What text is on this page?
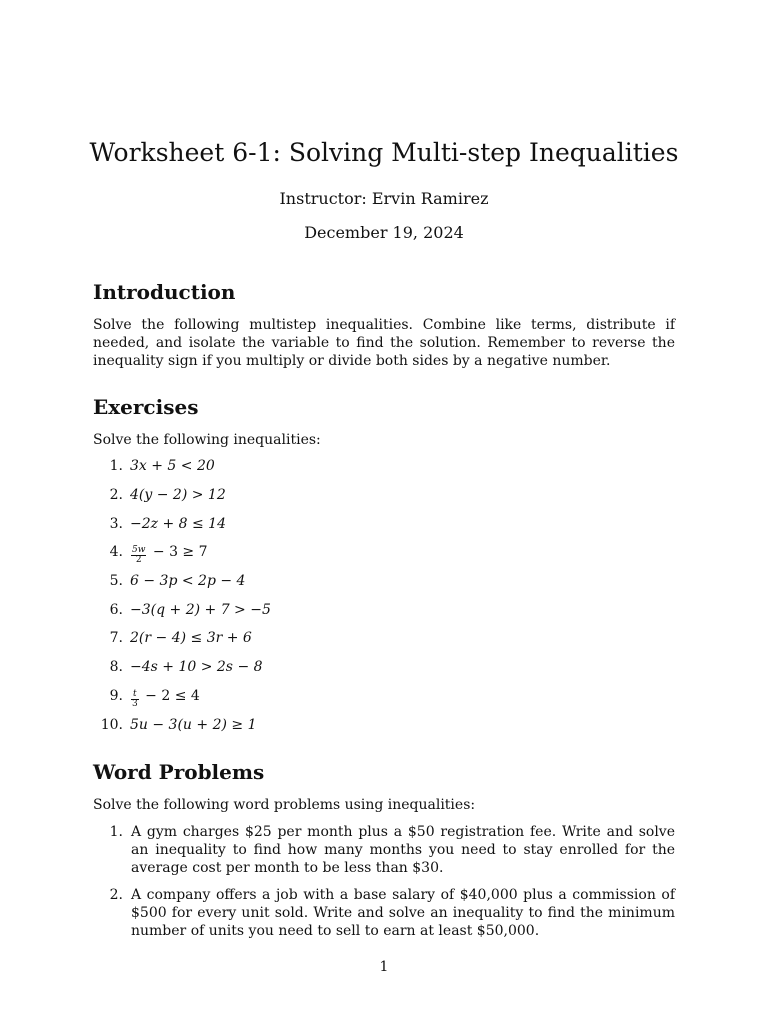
Worksheet 6-1: Solving Multi-step Inequalities
Instructor: Ervin Ramirez
December 19, 2024
Introduction

Solve the following multistep inequalities. Combine like terms, distribute if needed, and isolate the variable to find the solution. Remember to reverse the inequality sign if you multiply or divide both sides by a negative number.

Exercises

Solve the following inequalities:

1. 3x + 5 < 20
2. 4(y − 2) > 12
3. −2z + 8 ≤ 14
4. $\frac{5w}{2} - 3 \ge 7$
5. 6 − 3p < 2p − 4
6. −3(q + 2) + 7 > −5
7. 2(r − 4) ≤ 3r + 6
8. −4s + 10 > 2s − 8
9. $\frac{t}{3} - 2 \le 4$
10. 5u − 3(u + 2) ≥ 1
Word Problems

Solve the following word problems using inequalities:

1. A gym charges $25 per month plus a $50 registration fee. Write and solve an inequality to find how many months you need to stay enrolled for the average cost per month to be less than $30.
2. A company offers a job with a base salary of $40,000 plus a commission of $500 for every unit sold. Write and solve an inequality to find the minimum number of units you need to sell to earn at least $50,000.
1
